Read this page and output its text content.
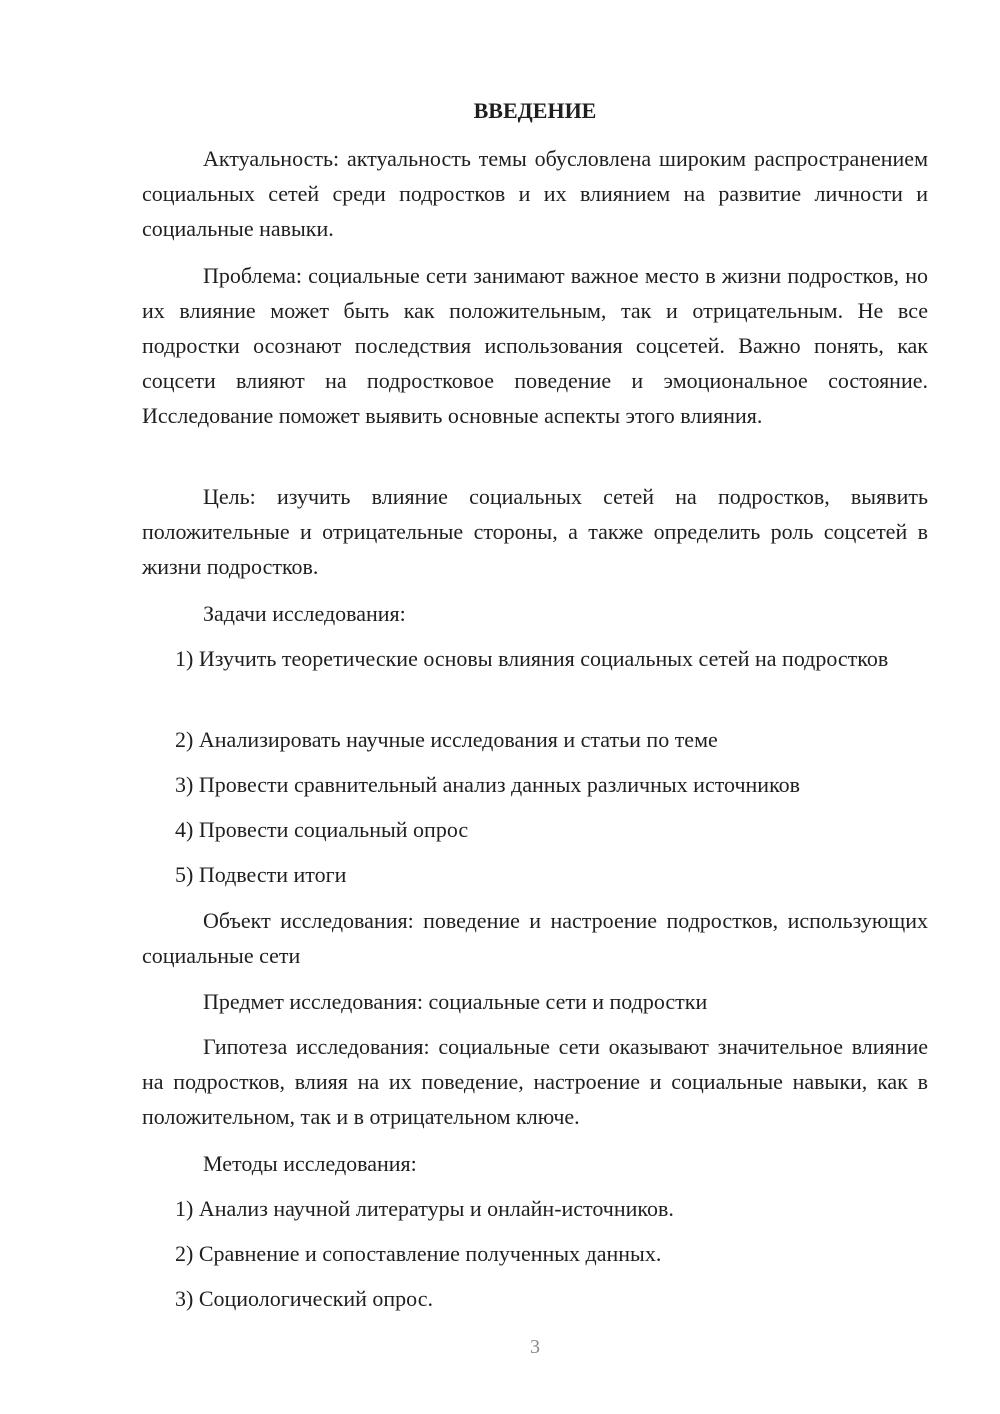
ВВЕДЕНИЕ

Актуальность: актуальность темы обусловлена широким распространением социальных сетей среди подростков и их влиянием на развитие личности и социальные навыки.

Проблема: социальные сети занимают важное место в жизни подростков, но их влияние может быть как положительным, так и отрицательным. Не все подростки осознают последствия использования соцсетей. Важно понять, как соцсети влияют на подростковое поведение и эмоциональное состояние. Исследование поможет выявить основные аспекты этого влияния.

Цель: изучить влияние социальных сетей на подростков, выявить положительные и отрицательные стороны, а также определить роль соцсетей в жизни подростков.

Задачи исследования:

1) Изучить теоретические основы влияния социальных сетей на подростков

2) Анализировать научные исследования и статьи по теме

3) Провести сравнительный анализ данных различных источников

4) Провести социальный опрос

5) Подвести итоги

Объект исследования: поведение и настроение подростков, использующих социальные сети

Предмет исследования: социальные сети и подростки

Гипотеза исследования: социальные сети оказывают значительное влияние на подростков, влияя на их поведение, настроение и социальные навыки, как в положительном, так и в отрицательном ключе.

Методы исследования:

1) Анализ научной литературы и онлайн-источников.

2) Сравнение и сопоставление полученных данных.

3) Социологический опрос.

3
